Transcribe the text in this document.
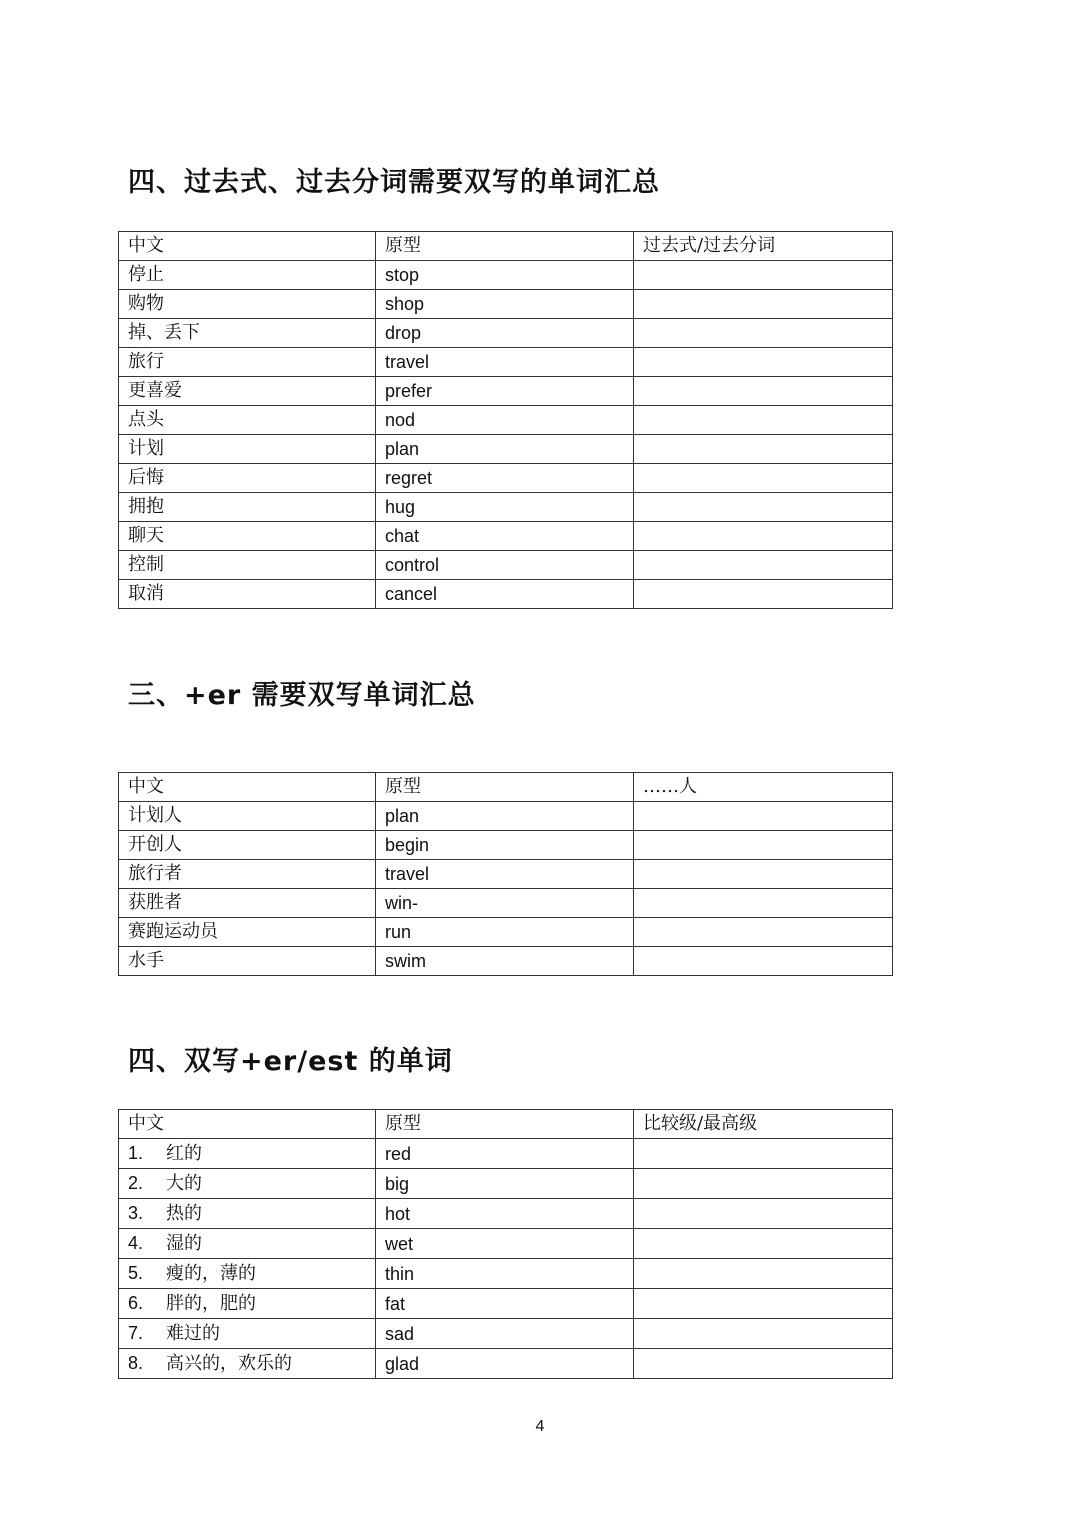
四、过去式、过去分词需要双写的单词汇总
中文	原型	过去式/过去分词
停止	stop	
购物	shop	
掉、丢下	drop	
旅行	travel	
更喜爱	prefer	
点头	nod	
计划	plan	
后悔	regret	
拥抱	hug	
聊天	chat	
控制	control	
取消	cancel	
三、+er 需要双写单词汇总
中文	原型	……人
计划人	plan	
开创人	begin	
旅行者	travel	
获胜者	win-	
赛跑运动员	run	
水手	swim	
四、双写+er/est 的单词
中文	原型	比较级/最高级
1. 红的	red	
2. 大的	big	
3. 热的	hot	
4. 湿的	wet	
5. 瘦的，薄的	thin	
6. 胖的，肥的	fat	
7. 难过的	sad	
8. 高兴的，欢乐的	glad	
4
